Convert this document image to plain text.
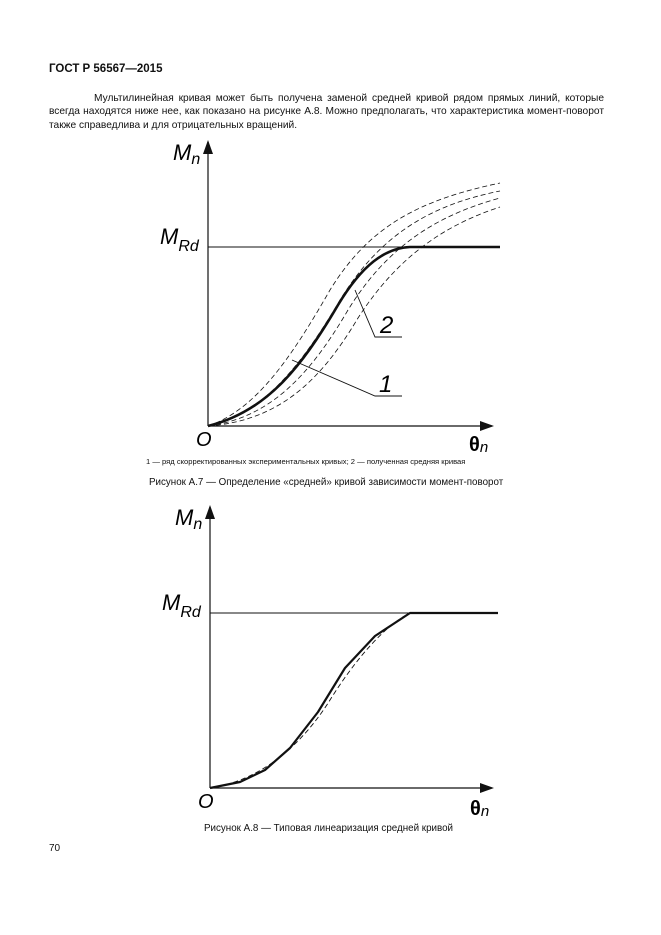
ГОСТ Р 56567—2015
Мультилинейная кривая может быть получена заменой средней кривой рядом прямых линий, которые всегда находятся ниже нее, как показано на рисунке А.8. Можно предполагать, что характеристика момент-поворот также справедлива и для отрицательных вращений.
1
2
Mn
$M_{Rd}$
O	θn
1 — ряд скорректированных экспериментальных кривых; 2 — полученная средняя кривая
Рисунок А.7 — Определение «средней» кривой зависимости момент-поворот
Mn
$M_{Rd}$
O	θn
Рисунок А.8 — Типовая линеаризация средней кривой
70
